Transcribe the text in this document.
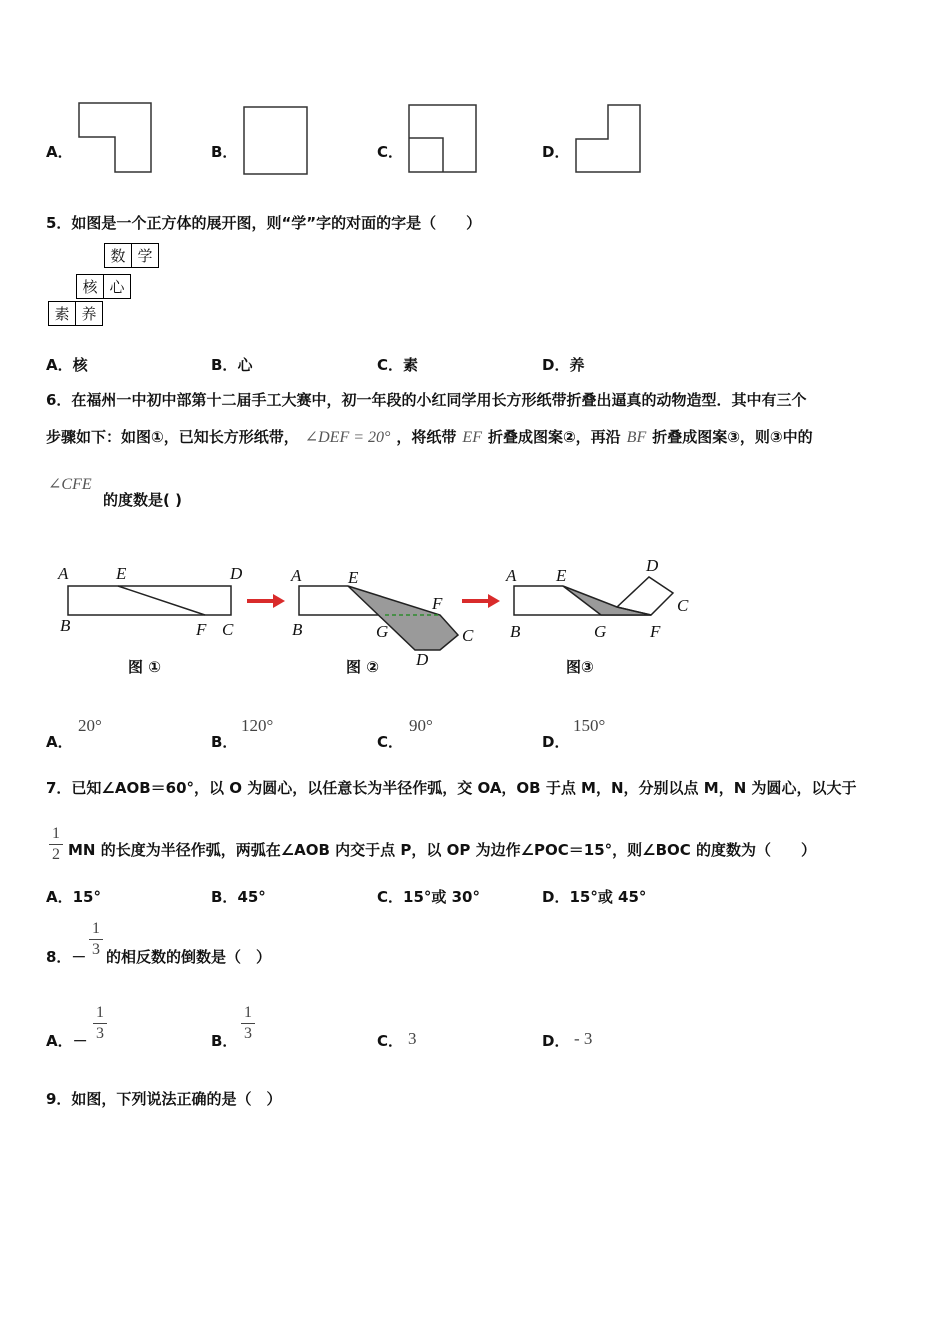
A．	B．	C．	D．
5．如图是一个正方体的展开图，则“学”字的对面的字是（　　）
数 学
核 心
素 养
A．核	B．心	C．素	D．养
6．在福州一中初中部第十二届手工大赛中，初一年段的小红同学用长方形纸带折叠出逼真的动物造型．其中有三个
步骤如下：如图①，已知长方形纸带， ∠DEF = 20° ，将纸带 EF 折叠成图案②，再沿 BF 折叠成图案③，则③中的
∠CFE
的度数是( )
A	E	D
B	F C
图 ①
A	E
F
B	G	C
D
图 ②
A E
D
C
B	G	F
图③
A．
20°
B．
120°
C．
90°
D．
150°
7．已知∠AOB＝60°，以 O 为圆心，以任意长为半径作弧，交 OA，OB 于点 M，N，分别以点 M，N 为圆心，以大于
1
2 MN 的长度为半径作弧，两弧在∠AOB 内交于点 P，以 OP 为边作∠POC＝15°，则∠BOC 的度数为（　　）
A．15°	B．45°	C．15°或 30°	D．15°或 45°
8．－
1
3 的相反数的倒数是（　）
A．－
1
3	B．
1
3	C． 3	D． - 3
9．如图，下列说法正确的是（　）
